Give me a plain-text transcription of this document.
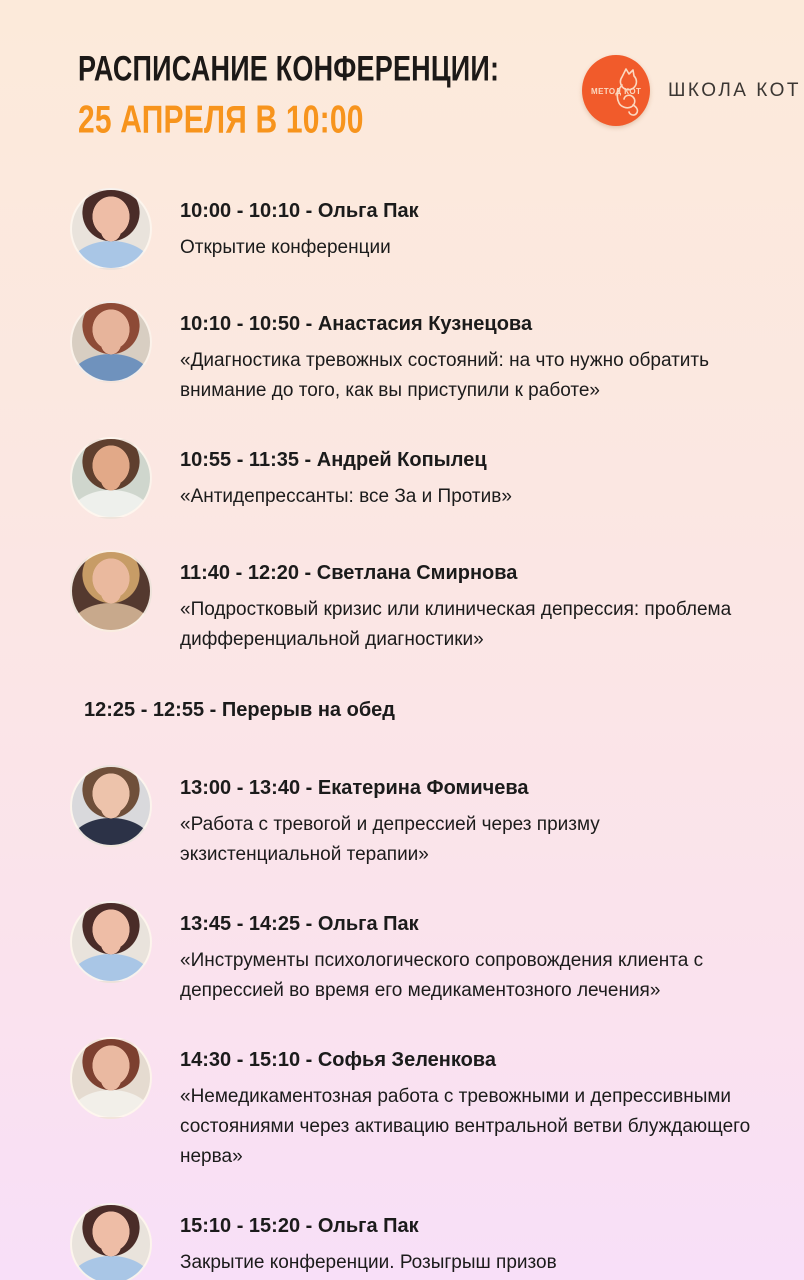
РАСПИСАНИЕ КОНФЕРЕНЦИИ:
25 АПРЕЛЯ В 10:00
МЕТОД КОТ ШКОЛА КОТ
10:00 - 10:10 - Ольга Пак
Открытие конференции
10:10 - 10:50 - Анастасия Кузнецова
«Диагностика тревожных состояний: на что нужно обратить внимание до того, как вы приступили к работе»
10:55 - 11:35 - Андрей Копылец
«Антидепрессанты: все За и Против»
11:40 - 12:20 - Светлана Смирнова
«Подростковый кризис или клиническая депрессия: проблема дифференциальной диагностики»
12:25 - 12:55 - Перерыв на обед
13:00 - 13:40 - Екатерина Фомичева
«Работа с тревогой и депрессией через призму экзистенциальной терапии»
13:45 - 14:25 - Ольга Пак
«Инструменты психологического сопровождения клиента с депрессией во время его медикаментозного лечения»
14:30 - 15:10 - Софья Зеленкова
«Немедикаментозная работа с тревожными и депрессивными состояниями через активацию вентральной ветви блуждающего нерва»
15:10 - 15:20 - Ольга Пак
Закрытие конференции. Розыгрыш призов
